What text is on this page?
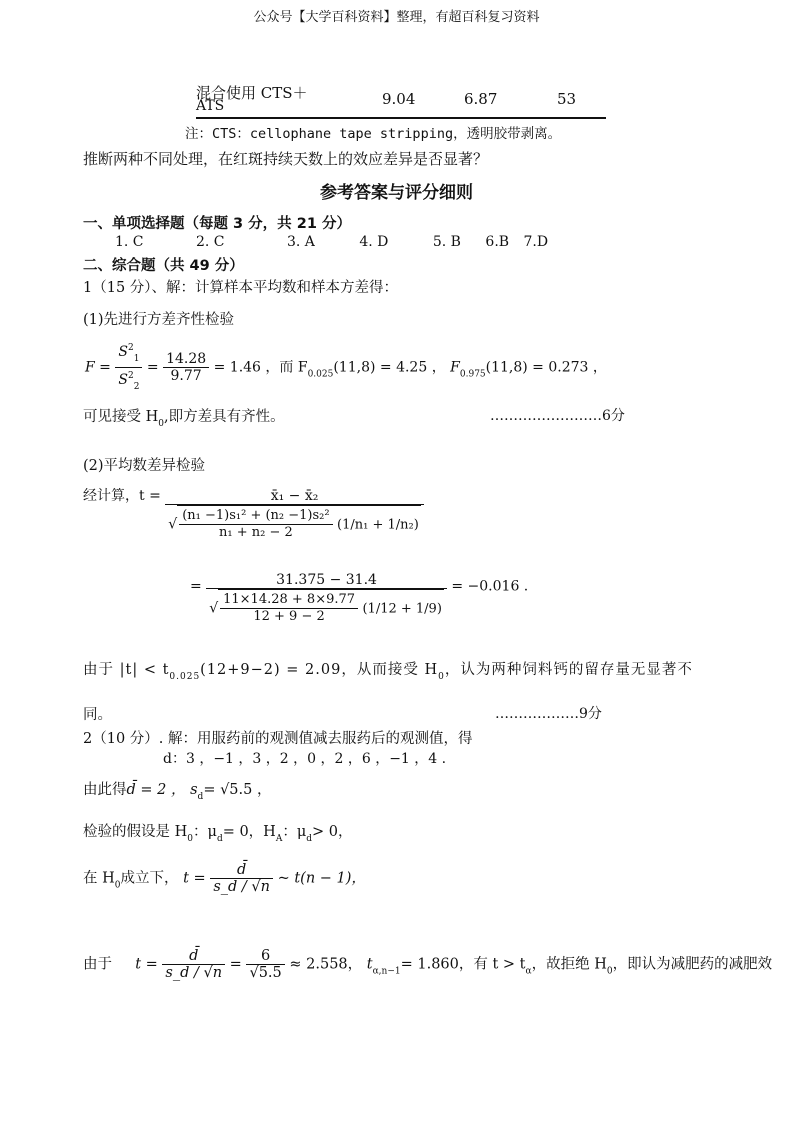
公众号【大学百科资料】整理，有超百科复习资料
混合使用 CTS＋
ATS	9.04	6.87	53
注：CTS：cellophane tape stripping，透明胶带剥离。
推断两种不同处理，在红斑持续天数上的效应差异是否显著？
参考答案与评分细则
一、单项选择题（每题 3 分，共 21 分）
1. C	2. C	3. A	4. D	5. B 6.B 7.D
二、综合题（共 49 分）
1（15 分）、解：计算样本平均数和样本方差得：
(1)先进行方差齐性检验
$F = \frac{S^2_1}{S^2_2} = \frac{14.28}{9.77} = 1.46$ ，而 $F_{0.025}(11,8) = 4.25$ ， $F_{0.975}(11,8) = 0.273$ ，
可见接受 $H_0$,即方差具有齐性。	……………………6分
(2)平均数差异检验
经计算，t =	x̄₁ − x̄₂
√ $\frac{\text{(n₁ −1)s₁² + (n₂ −1)s₂²}}{\text{n₁ + n₂ − 2}} (1/n_1 + 1/n_2)$
=	31.375 − 31.4
√ $\frac{11\times 14.28 + 8\times 9.77}{12 + 9 - 2} (1/12 + 1/9)$
= −0.016 .
由于 $|t| < t_{0.025}(12+9-2) = 2.09$，从而接受 $H_0$，认为两种饲料钙的留存量无显著不
同。	………………9分
2（10 分）. 解：用服药前的观测值减去服药后的观测值，得
d：3 ，−1 ，3 ，2 ，0 ，2 ，6 ，−1 ，4 .
由此得d̄ = 2 ， $s_d= √5.5$ ，
检验的假设是 $H_0$：$\mu_d= 0$，$H_A$：$\mu_d> 0$，
在 $H_0$成立下， $t = \frac{d̄}{s\_d / √n}$ ~ t(n − 1)，
由于 $t = \frac{d̄}{s\_d / √n} = \frac{6}{√5.5} \approx 2.558$， $t_{\alpha,n-1}= 1.860$，有 $t > t_\alpha$，故拒绝 $H_0$，即认为减肥药的减肥效
